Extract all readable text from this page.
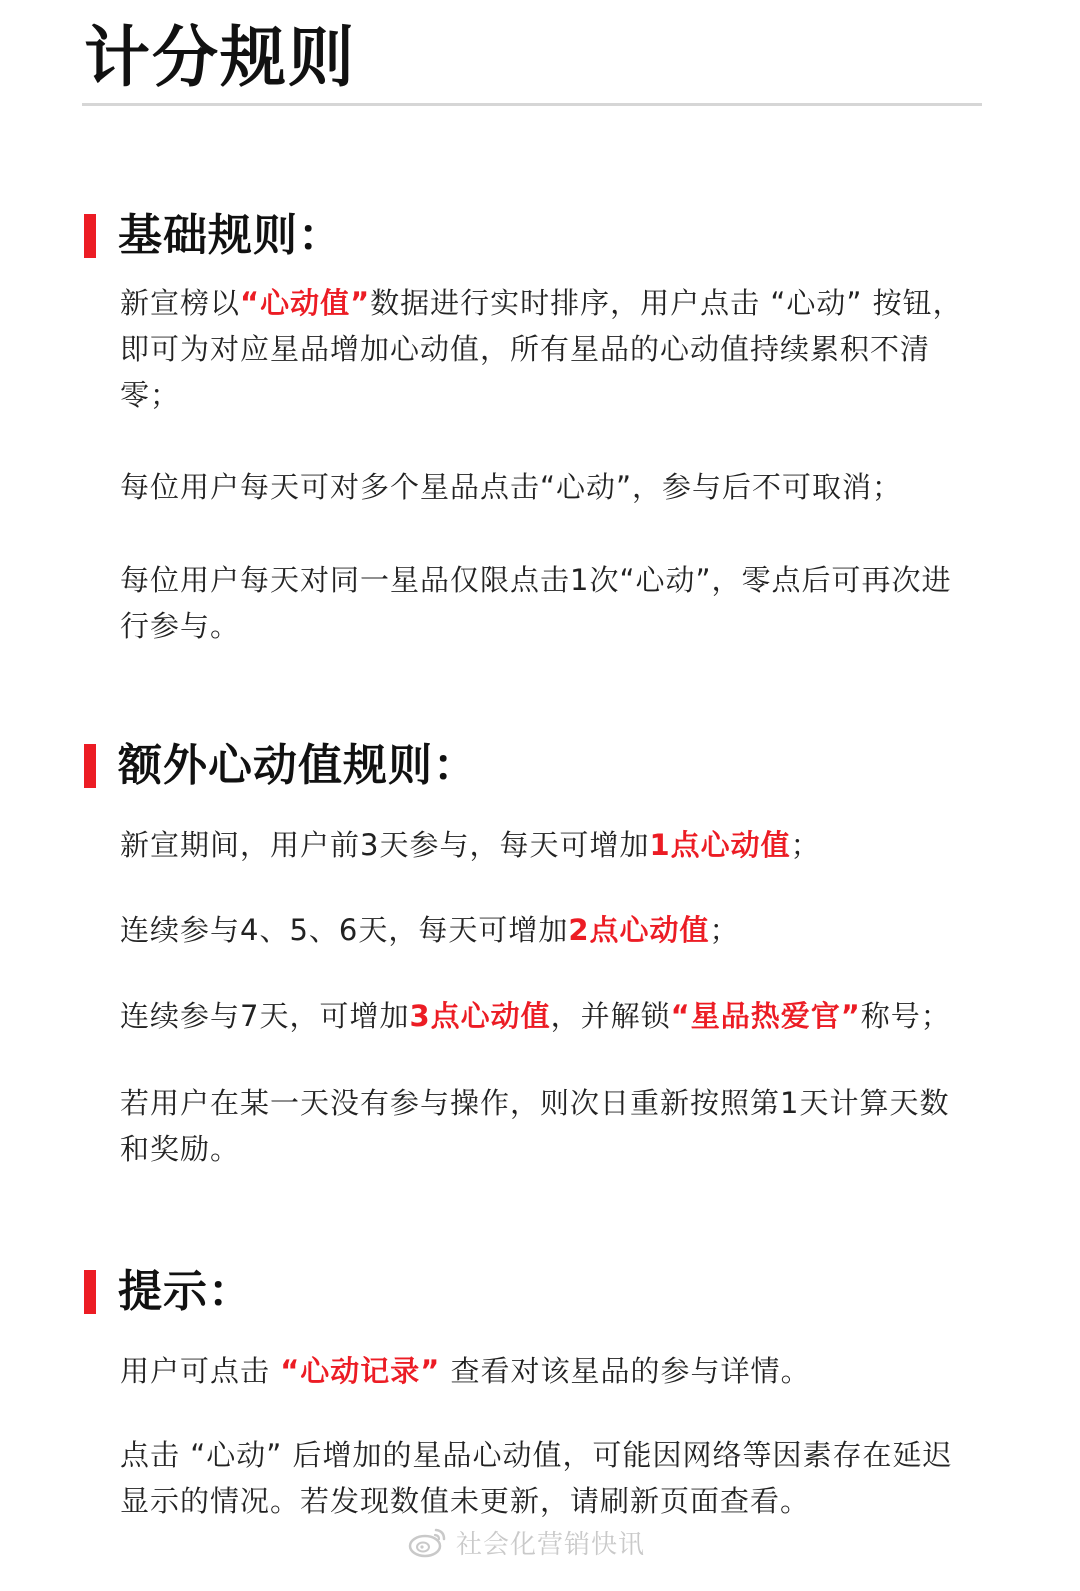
计分规则
基础规则：

新宣榜以“心动值”数据进行实时排序，用户点击 “心动” 按钮，即可为对应星品增加心动值，所有星品的心动值持续累积不清零；

每位用户每天可对多个星品点击“心动”，参与后不可取消；

每位用户每天对同一星品仅限点击1次“心动”，零点后可再次进行参与。

额外心动值规则：

新宣期间，用户前3天参与，每天可增加1点心动值；

连续参与4、5、6天，每天可增加2点心动值；

连续参与7天，可增加3点心动值，并解锁“星品热爱官”称号；

若用户在某一天没有参与操作，则次日重新按照第1天计算天数和奖励。

提示：

用户可点击 “心动记录” 查看对该星品的参与详情。

点击 “心动” 后增加的星品心动值，可能因网络等因素存在延迟显示的情况。若发现数值未更新，请刷新页面查看。

社会化营销快讯
